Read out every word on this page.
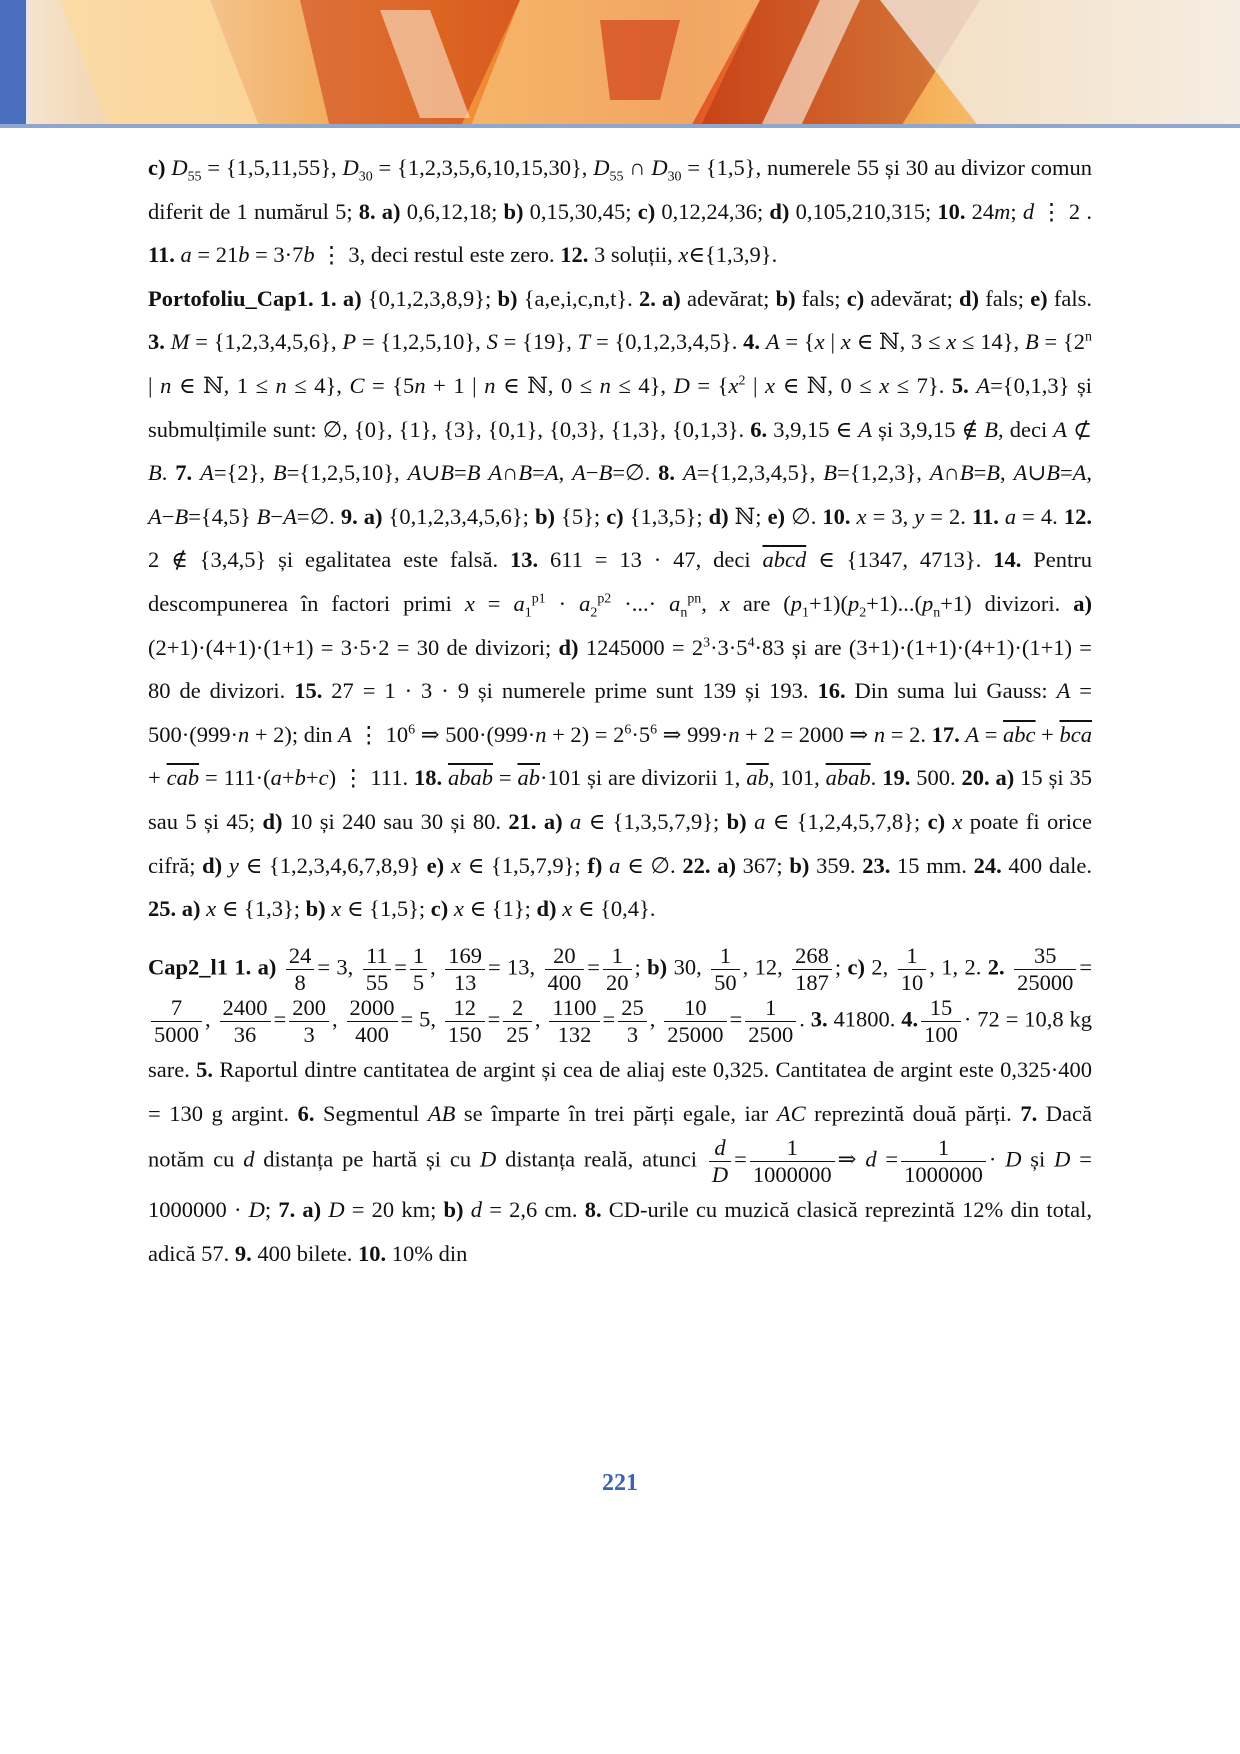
c) $D_{55} = \{1,5,11,55\}$, $D_{30} = \{1,2,3,5,6,10,15,30\}$, $D_{55}$ ∩ $D_{30} = \{1,5\}$, numerele 55 și 30 au divizor comun diferit de 1 numărul 5; 8. a) 0,6,12,18; b) 0,15,30,45; c) 0,12,24,36; d) 0,105,210,315; 10. 24m; d ⋮ 2 . 11. a = 21b = 3·7b ⋮ 3, deci restul este zero. 12. 3 soluții, x∈{1,3,9}.

Portofoliu_Cap1. 1. a) {0,1,2,3,8,9}; b) {a,e,i,c,n,t}. 2. a) adevărat; b) fals; c) adevărat; d) fals; e) fals. 3. M = {1,2,3,4,5,6}, P = {1,2,5,10}, S = {19}, T = {0,1,2,3,4,5}. 4. A = {x | x ∈ ℕ, 3 ≤ x ≤ 14}, $B = \{2^n$ | n ∈ ℕ, 1 ≤ n ≤ 4}, C = {5n + 1 | n ∈ ℕ, 0 ≤ n ≤ 4}, $D = \{x^2$ | x ∈ ℕ, 0 ≤ x ≤ 7}. 5. A={0,1,3} și submulțimile sunt: ∅, {0}, {1}, {3}, {0,1}, {0,3}, {1,3}, {0,1,3}. 6. 3,9,15 ∈ A și 3,9,15 ∉ B, deci A ⊄ B. 7. A={2}, B={1,2,5,10}, A∪B=B A∩B=A, A−B=∅. 8. A={1,2,3,4,5}, B={1,2,3}, A∩B=B, A∪B=A, A−B={4,5} B−A=∅. 9. a) {0,1,2,3,4,5,6}; b) {5}; c) {1,3,5}; d) ℕ; e) ∅. 10. x = 3, y = 2. 11. a = 4. 12. 2 ∉ {3,4,5} și egalitatea este falsă. 13. 611 = 13 · 47, deci abcd ∈ {1347, 4713}. 14. Pentru descompunerea în factori primi $x = a_1^{p1} \cdot a_2^{p2}$ ·...· $a_n^{pn}$, x are $(p_1+1)(p_2+1)...(p_n+1)$ divizori. a) (2+1)·(4+1)·(1+1) = 3·5·2 = 30 de divizori; d) $1245000 = 2^3\cdot 3\cdot 5^4\cdot 83$ și are (3+1)·(1+1)·(4+1)·(1+1) = 80 de divizori. 15. 27 = 1 · 3 · 9 și numerele prime sunt 139 și 193. 16. Din suma lui Gauss: A = 500·(999·n + 2); din A ⋮ $10^6$ ⇒ $500\cdot(999\cdot n + 2) = 2^6\cdot 5^6$ ⇒ 999·n + 2 = 2000 ⇒ n = 2. 17. $A = \overline{abc} + \overline{bca} + \overline{cab} = 111\cdot(a+b+c)$ ⋮ 111. 18. abab = $\overline{ab}\cdot 101$ și are divizorii 1, $\overline{ab}$, 101, abab. 19. 500. 20. a) 15 și 35 sau 5 și 45; d) 10 și 240 sau 30 și 80. 21. a) a ∈ {1,3,5,7,9}; b) a ∈ {1,2,4,5,7,8}; c) x poate fi orice cifră; d) y ∈ {1,2,3,4,6,7,8,9} e) x ∈ {1,5,7,9}; f) a ∈ ∅. 22. a) 367; b) 359. 23. 15 mm. 24. 400 dale. 25. a) x ∈ {1,3}; b) x ∈ {1,5}; c) x ∈ {1}; d) x ∈ {0,4}.

Cap2_l1 1. $a) \frac{24}{8} = 3$, $\frac{11}{55} = \frac{1}{5}$ , $\frac{169}{13} = 13$, $\frac{20}{400} = \frac{1}{20}$ ; b) 30, $\frac{1}{50}$ , 12, $\frac{268}{187}$ ; c) 2, $\frac{1}{10}$ , 1, 2. 2. $\frac{35}{25000}$ =
$\frac{7}{5000}$ , $\frac{2400}{36} = \frac{200}{3}$ , $\frac{2000}{400} = 5$, $\frac{12}{150} = \frac{2}{25}$ , $\frac{1100}{132} = \frac{25}{3}$ , $\frac{10}{25000} = \frac{1}{2500}$ . 3. 41800. 4. $\frac{15}{100} \cdot 72 = 10,8$ kg sare. 5. Raportul dintre cantitatea de argint și cea de aliaj este 0,325. Cantitatea de argint este 0,325·400 = 130 g argint. 6. Segmentul AB se împarte în trei părți egale, iar AC reprezintă două părți. 7. Dacă notăm cu d distanța pe hartă și cu D distanța reală, atunci $\frac{d}{D} = \frac{1}{1000000}$ ⇒ $d = \frac{1}{1000000} \cdot D$ și D = 1000000 · D; 7. a) D = 20 km; b) d = 2,6 cm. 8. CD-urile cu muzică clasică reprezintă 12% din total, adică 57. 9. 400 bilete. 10. 10% din

221
